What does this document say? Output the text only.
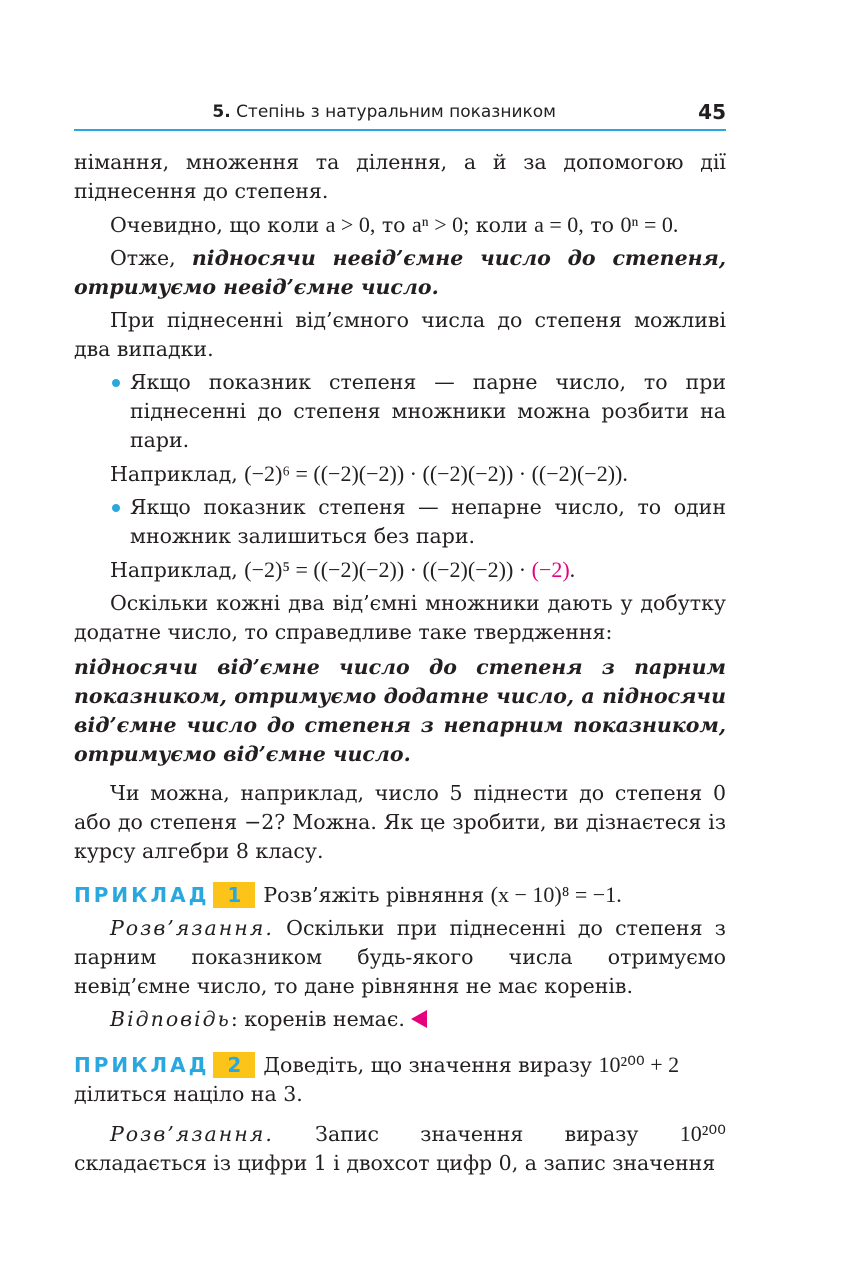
5. Степінь з натуральним показником	45

німання, множення та ділення, а й за допомогою дії піднесення до степеня.

Очевидно, що коли a > 0, то aⁿ > 0; коли a = 0, то 0ⁿ = 0.

Отже, підносячи невід’ємне число до степеня, отримуємо невід’ємне число.

При піднесенні від’ємного числа до степеня можливі два випадки.

Якщо показник степеня — парне число, то при піднесенні до степеня множники можна розбити на пари.

Наприклад, (−2)⁶ = ((−2)(−2)) · ((−2)(−2)) · ((−2)(−2)).

Якщо показник степеня — непарне число, то один множник залишиться без пари.

Наприклад, (−2)⁵ = ((−2)(−2)) · ((−2)(−2)) · (−2).

Оскільки кожні два від’ємні множники дають у добутку додатне число, то справедливе таке твердження:

підносячи від’ємне число до степеня з парним показником, отримуємо додатне число, а підносячи від’ємне число до степеня з непарним показником, отримуємо від’ємне число.

Чи можна, наприклад, число 5 піднести до степеня 0 або до степеня −2? Можна. Як це зробити, ви дізнаєтеся із курсу алгебри 8 класу.

ПРИКЛАД 1 Розв’яжіть рівняння (x − 10)⁸ = −1.

Розв’язання. Оскільки при піднесенні до степеня з парним показником будь-якого числа отримуємо невід’ємне число, то дане рівняння не має коренів.

Відповідь: коренів немає.

ПРИКЛАД 2 Доведіть, що значення виразу 10²⁰⁰ + 2 ділиться націло на 3.

Розв’язання. Запис значення виразу 10²⁰⁰ складається із цифри 1 і двохсот цифр 0, а запис значення
